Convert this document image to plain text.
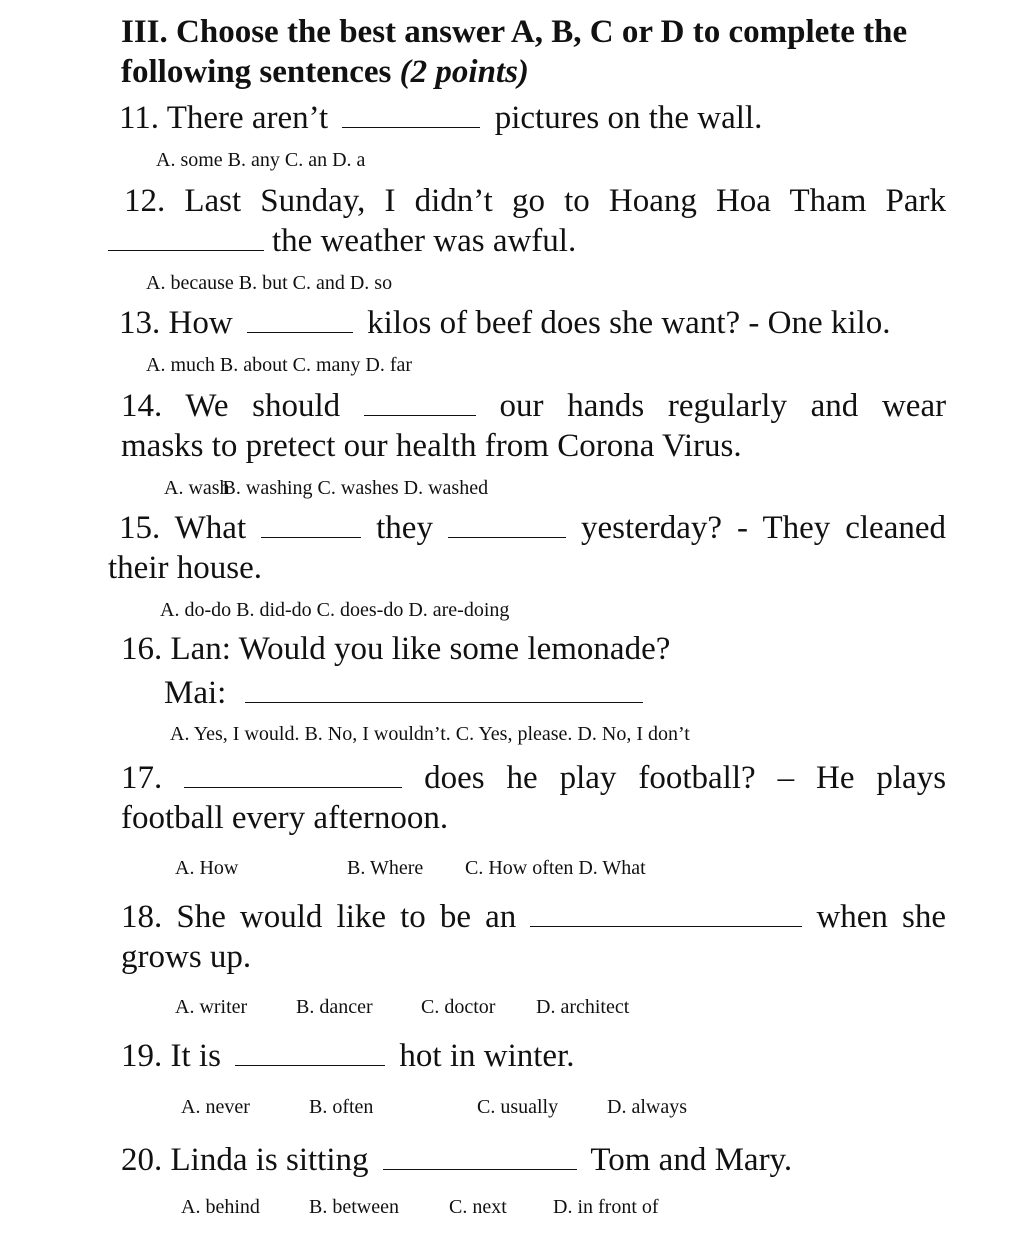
III. Choose the best answer A, B, C or D to complete the
following sentences (2 points)
11. There aren’t	pictures on the wall.
A. some B. any C. an D. a
12. Last Sunday, I didn’t go to Hoang Hoa Tham Park
the weather was awful.
A. because B. but C. and D. so
13. How	kilos of beef does she want? - One kilo.
A. much B. about C. many D. far
14. We should	our hands regularly and wear
masks to pretect our health from Corona Virus.
A. washB. washing C. washes D. washed
15. What	they	yesterday? - They cleaned
their house.
A. do-do B. did-do C. does-do D. are-doing
16. Lan: Would you like some lemonade?
Mai:
A. Yes, I would. B. No, I wouldn’t. C. Yes, please. D. No, I don’t
17.	does he play football? – He plays
football every afternoon.
A. How	B. Where C. How often D. What
18. She would like to be an	when she
grows up.
A. writer B. dancer C. doctor D. architect
19. It is	hot in winter.
A. never	B. often	C. usually D. always
20. Linda is sitting	Tom and Mary.
A. behind B. between	C. next D. in front of
